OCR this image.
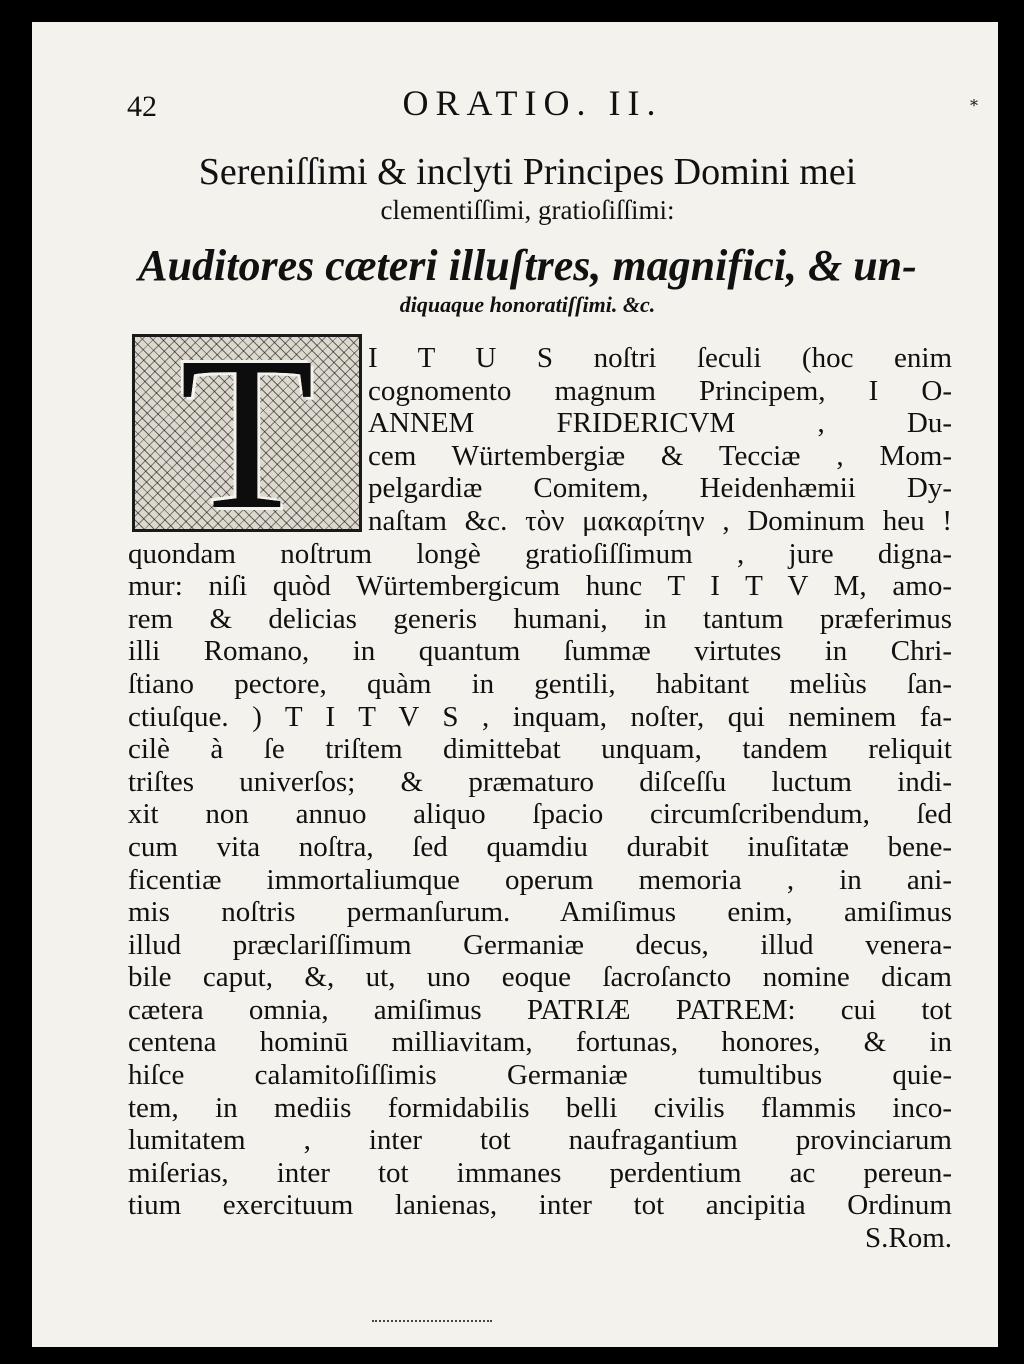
42	ORATIO. II.	*
Sereniſſimi & inclyti Principes Domini mei
clementiſſimi, gratioſiſſimi:
Auditores cæteri illuſtres, magnifici, & un-
diquaque honoratiſſimi. &c.
T	I T U S noſtri ſeculi (hoc enim
cognomento magnum Principem, I O-
ANNEM FRIDERICVM , Du-
cem Würtembergiæ & Tecciæ , Mom-
pelgardiæ Comitem, Heidenhæmii Dy-
naſtam &c. τὸν μακαρίτην , Dominum heu !
quondam noſtrum longè gratioſiſſimum , jure digna-
mur: niſi quòd Würtembergicum hunc T I T V M, amo-
rem & delicias generis humani, in tantum præferimus
illi Romano, in quantum ſummæ virtutes in Chri-
ſtiano pectore, quàm in gentili, habitant meliùs ſan-
ctiuſque. ) T I T V S , inquam, noſter, qui neminem fa-
cilè à ſe triſtem dimittebat unquam, tandem reliquit
triſtes univerſos; & præmaturo diſceſſu luctum indi-
xit non annuo aliquo ſpacio circumſcribendum, ſed
cum vita noſtra, ſed quamdiu durabit inuſitatæ bene-
ficentiæ immortaliumque operum memoria , in ani-
mis noſtris permanſurum. Amiſimus enim, amiſimus
illud præclariſſimum Germaniæ decus, illud venera-
bile caput, &, ut, uno eoque ſacroſancto nomine dicam
cætera omnia, amiſimus PATRIÆ PATREM: cui tot
centena hominū milliavitam, fortunas, honores, & in
hiſce calamitoſiſſimis Germaniæ tumultibus quie-
tem, in mediis formidabilis belli civilis flammis inco-
lumitatem , inter tot naufragantium provinciarum
miſerias, inter tot immanes perdentium ac pereun-
tium exercituum lanienas, inter tot ancipitia Ordinum
S.Rom.
